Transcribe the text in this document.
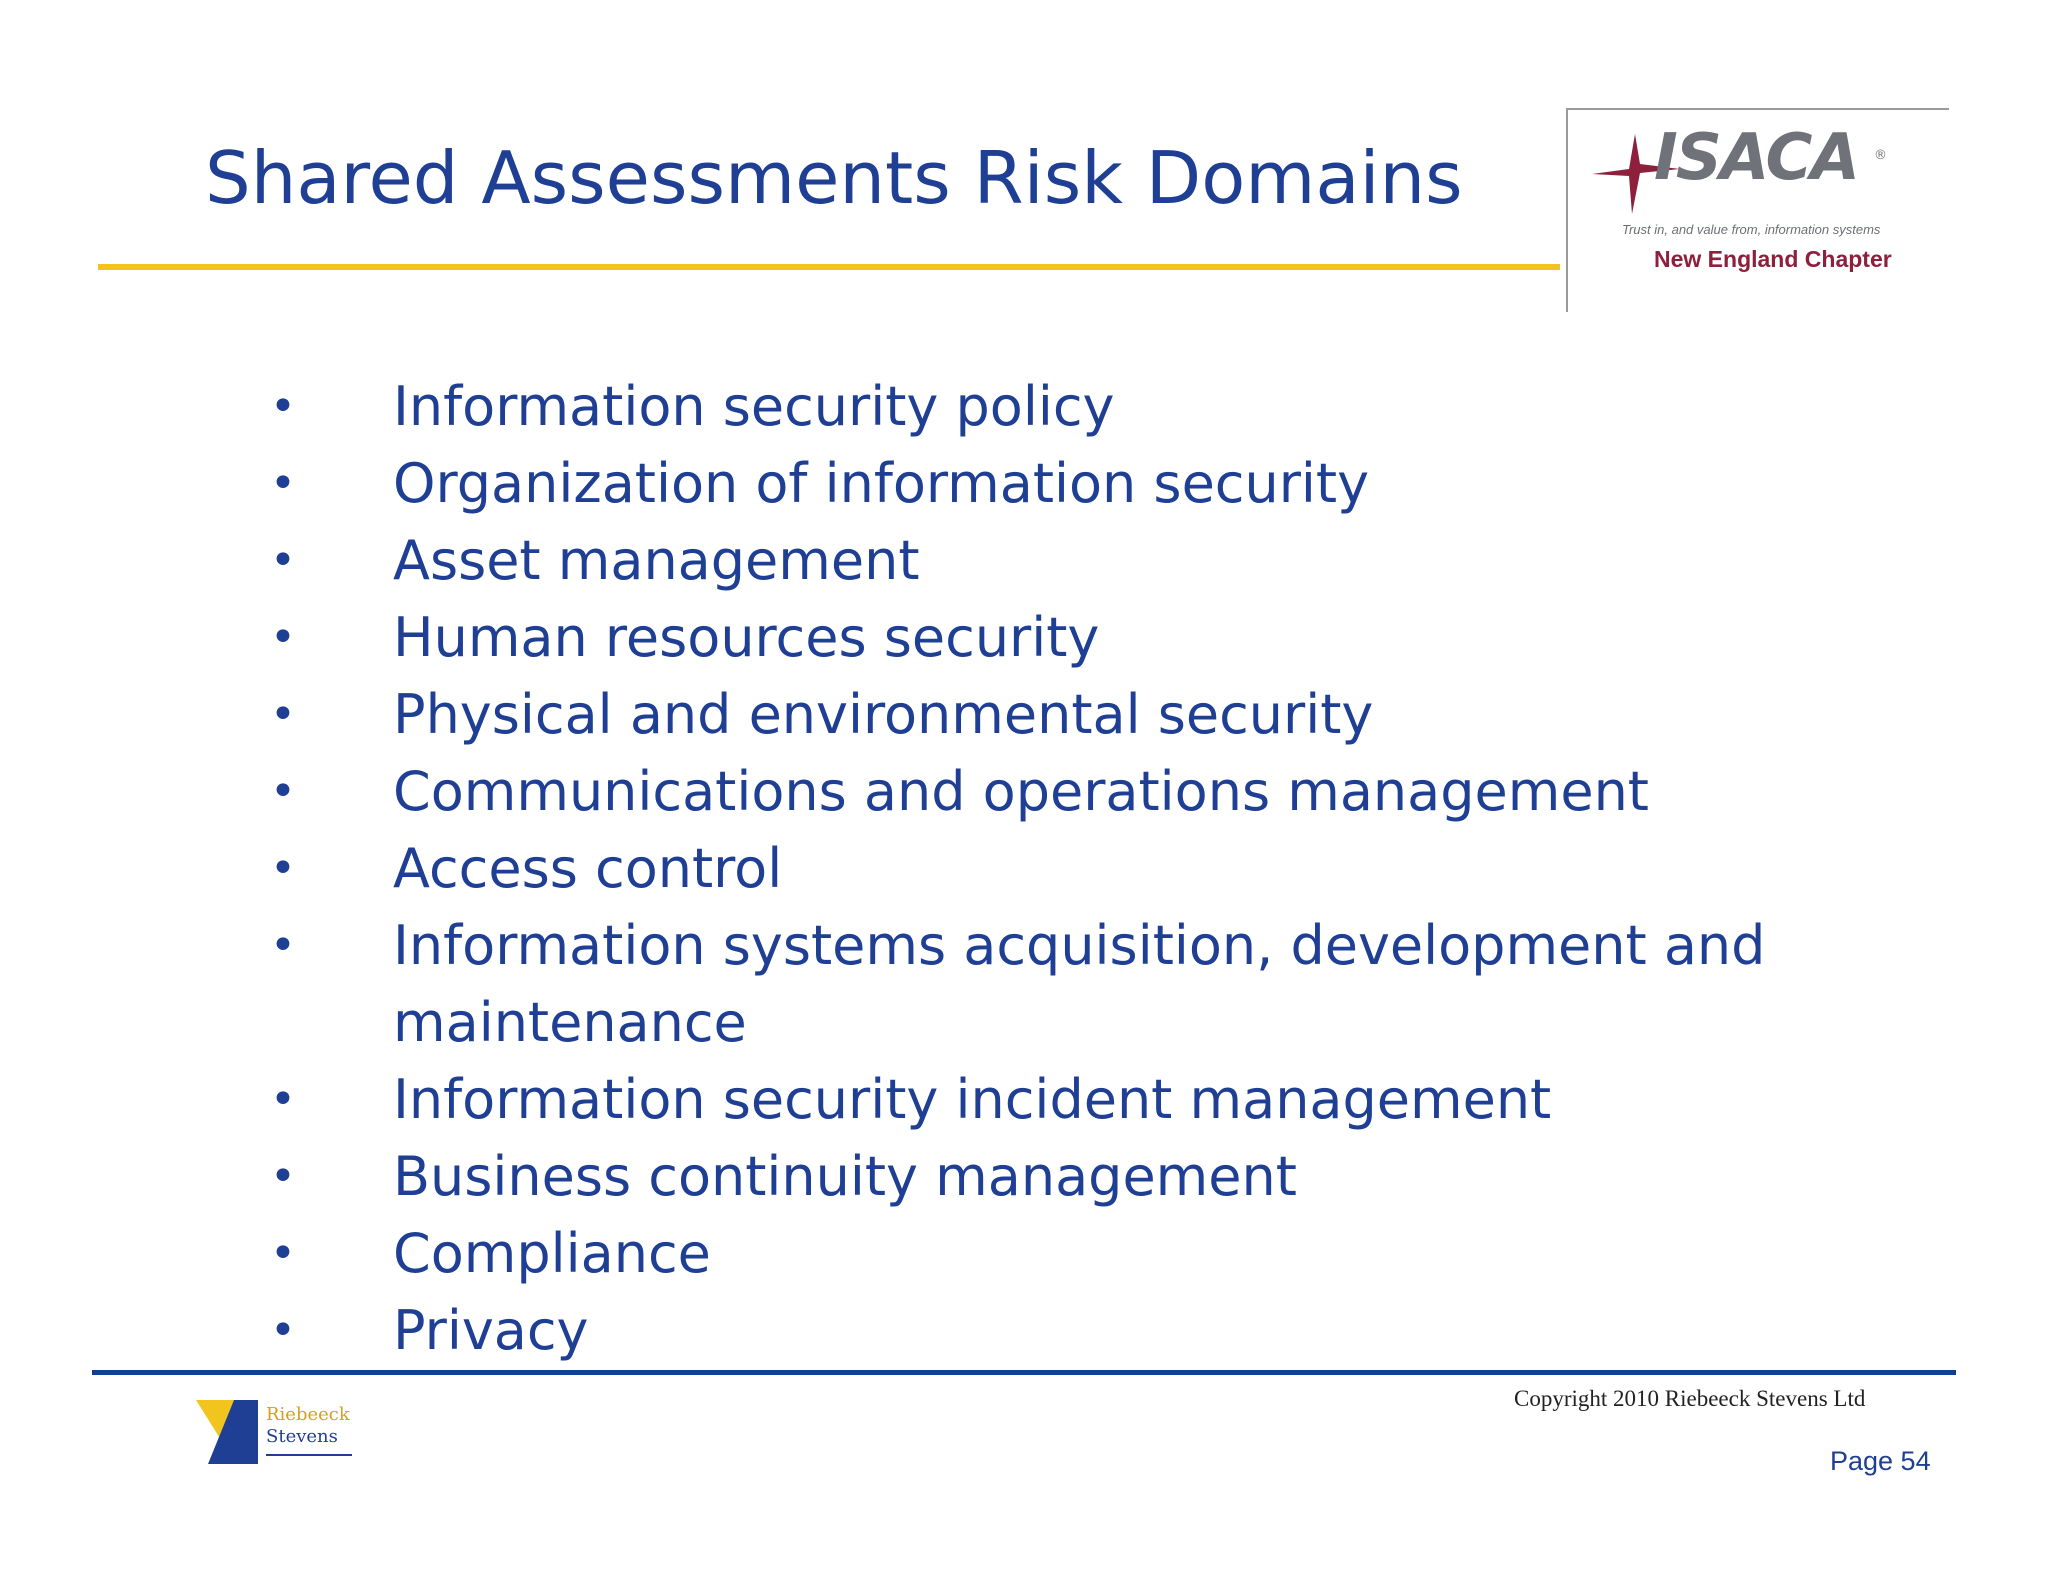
Shared Assessments Risk Domains	ISACA ®
Trust in, and value from, information systems
New England Chapter
•	Information security policy
•	Organization of information security
•	Asset management
•	Human resources security
•	Physical and environmental security
•	Communications and operations management
•	Access control
•	Information systems acquisition, development and
maintenance
•	Information security incident management
•	Business continuity management
•	Compliance
•	Privacy
Riebeeck
Stevens
Copyright 2010 Riebeeck Stevens Ltd
Page 54
